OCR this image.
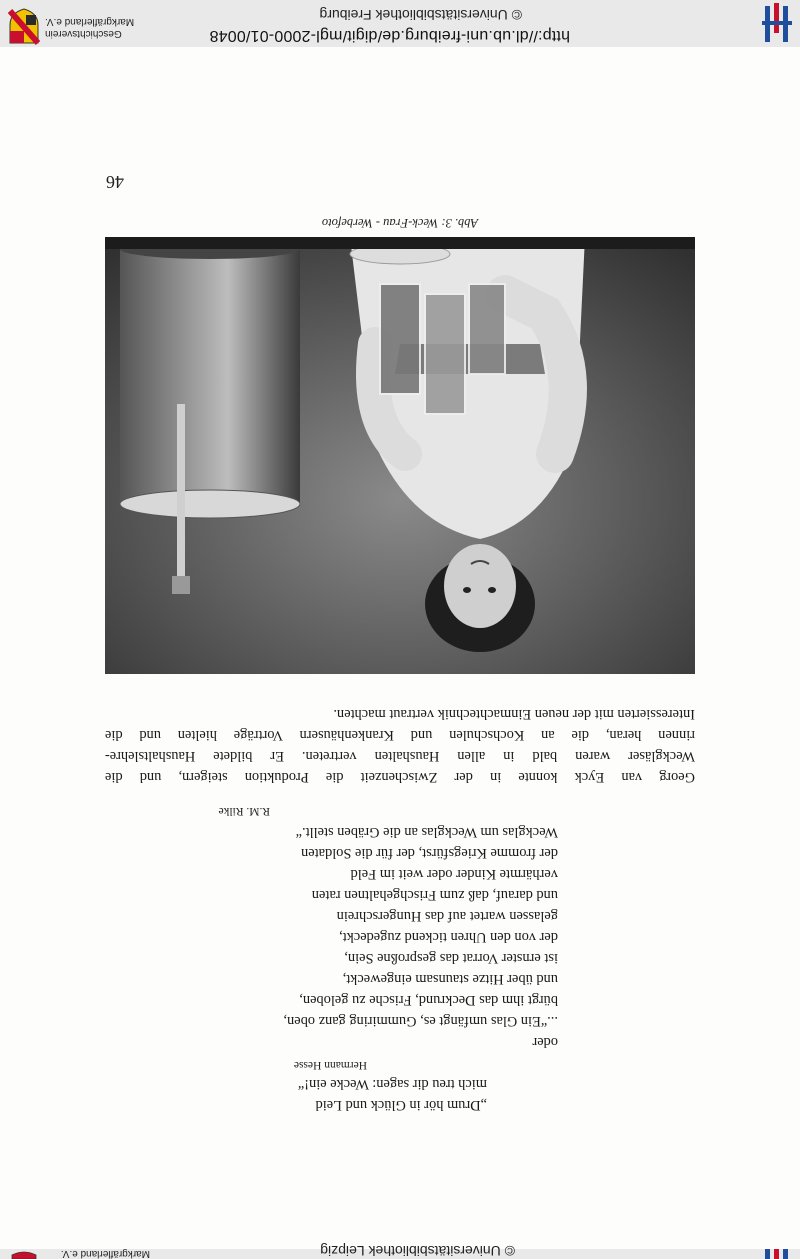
© Universitätsbibliothek Leipzig
Markgräflerland e.V.

„Drum hör in Glück und Leid

mich treu dir sagen: Wecke ein!“

Hermann Hesse
oder

...“Ein Glas umfängt es, Gummiring ganz oben,

bürgt ihm das Deckrund, Frische zu geloben,

und über Hitze staunsam eingeweckt,

ist ernster Vorrat das gesproßne Sein,

der von den Uhren tickend zugedeckt,

gelassen wartet auf das Hungerschrein

und darauf, daß zum Frischgehaltnen raten

verhärmte Kinder oder weit im Feld

der fromme Kriegsfürst, der für die Soldaten

Weckglas um Weckglas an die Gräben stellt.“

R.M. Rilke
Georg van Eyck konnte in der Zwischenzeit die Produktion steigern, und die
Weckgläser waren bald in allen Haushalten vertreten. Er bildete Haushaltslehre-
rinnen heran, die an Kochschulen und Krankenhäusern Vorträge hielten und die
Interessierten mit der neuen Einmachtechnik vertraut machten.
Abb. 3: Weck-Frau - Werbefoto
46
http://dl.ub.uni-freiburg.de/digit/mgl-2000-01/0048
© Universitätsbibliothek Freiburg
Geschichtsverein
Markgräflerland e.V.
